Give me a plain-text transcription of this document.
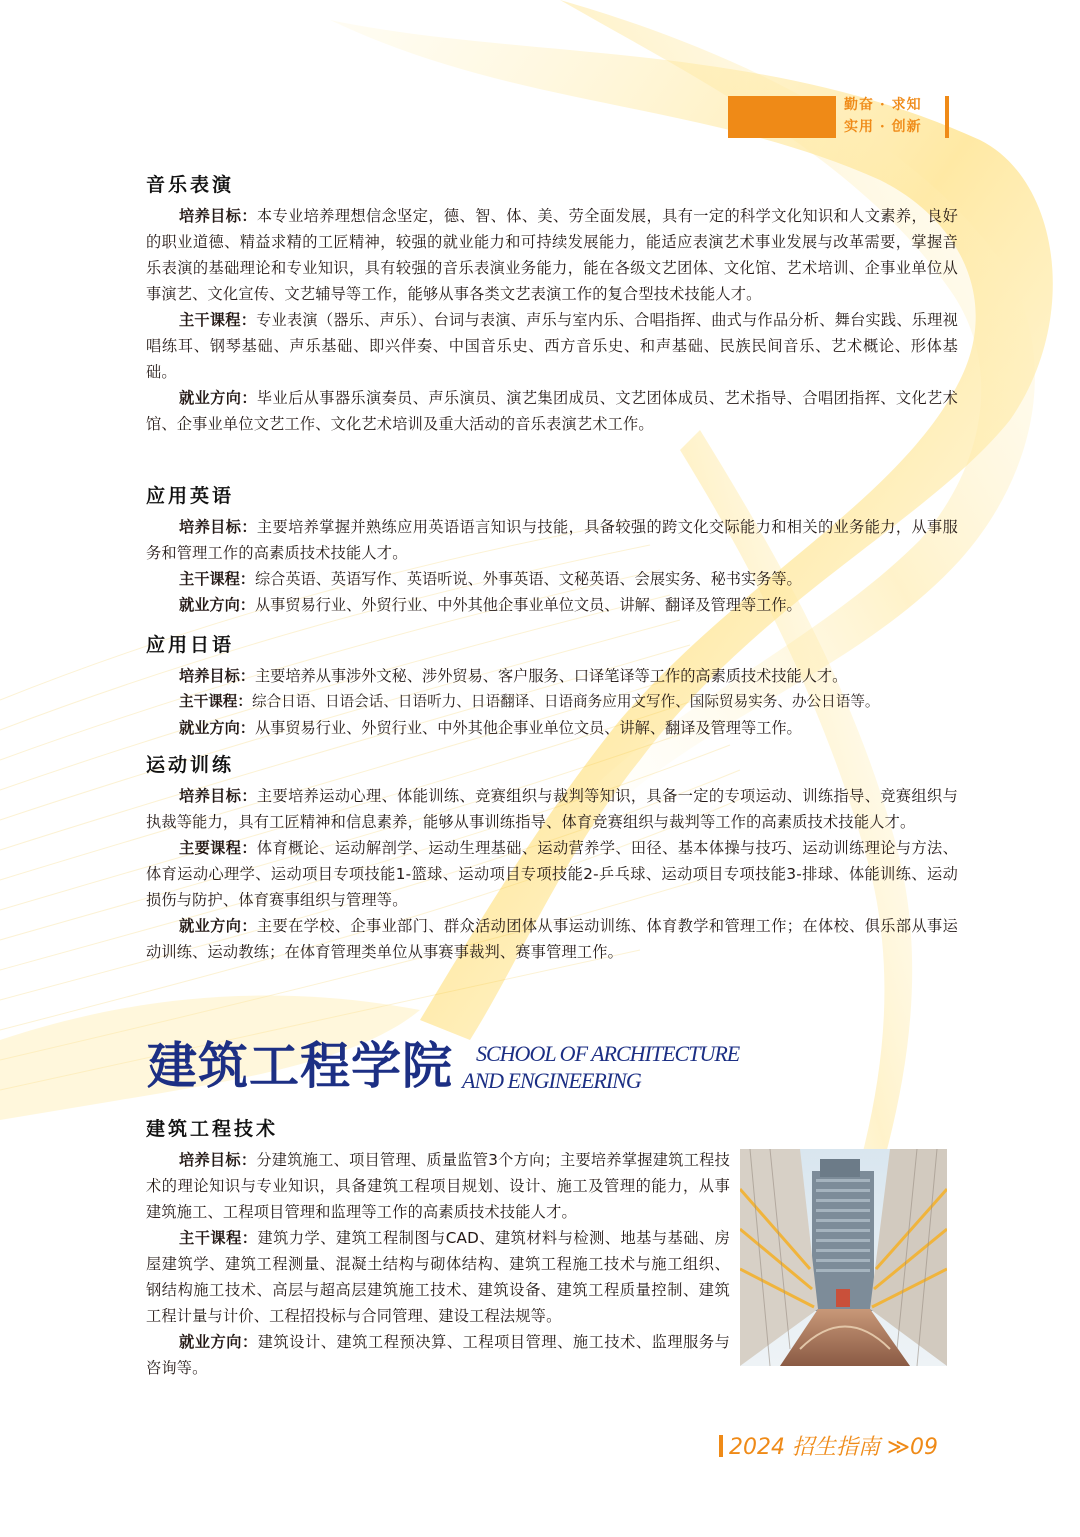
勤奋 · 求知
实用 · 创新
音乐表演

培养目标：本专业培养理想信念坚定，德、智、体、美、劳全面发展，具有一定的科学文化知识和人文素养，良好的职业道德、精益求精的工匠精神，较强的就业能力和可持续发展能力，能适应表演艺术事业发展与改革需要，掌握音乐表演的基础理论和专业知识，具有较强的音乐表演业务能力，能在各级文艺团体、文化馆、艺术培训、企事业单位从事演艺、文化宣传、文艺辅导等工作，能够从事各类文艺表演工作的复合型技术技能人才。

主干课程：专业表演（器乐、声乐）、台词与表演、声乐与室内乐、合唱指挥、曲式与作品分析、舞台实践、乐理视唱练耳、钢琴基础、声乐基础、即兴伴奏、中国音乐史、西方音乐史、和声基础、民族民间音乐、艺术概论、形体基础。

就业方向：毕业后从事器乐演奏员、声乐演员、演艺集团成员、文艺团体成员、艺术指导、合唱团指挥、文化艺术馆、企事业单位文艺工作、文化艺术培训及重大活动的音乐表演艺术工作。

应用英语

培养目标：主要培养掌握并熟练应用英语语言知识与技能，具备较强的跨文化交际能力和相关的业务能力，从事服务和管理工作的高素质技术技能人才。

主干课程：综合英语、英语写作、英语听说、外事英语、文秘英语、会展实务、秘书实务等。

就业方向：从事贸易行业、外贸行业、中外其他企事业单位文员、讲解、翻译及管理等工作。

应用日语

培养目标：主要培养从事涉外文秘、涉外贸易、客户服务、口译笔译等工作的高素质技术技能人才。

主干课程：综合日语、日语会话、日语听力、日语翻译、日语商务应用文写作、国际贸易实务、办公日语等。

就业方向：从事贸易行业、外贸行业、中外其他企事业单位文员、讲解、翻译及管理等工作。

运动训练

培养目标：主要培养运动心理、体能训练、竞赛组织与裁判等知识，具备一定的专项运动、训练指导、竞赛组织与执裁等能力，具有工匠精神和信息素养，能够从事训练指导、体育竞赛组织与裁判等工作的高素质技术技能人才。

主要课程：体育概论、运动解剖学、运动生理基础、运动营养学、田径、基本体操与技巧、运动训练理论与方法、体育运动心理学、运动项目专项技能1-篮球、运动项目专项技能2-乒乓球、运动项目专项技能3-排球、体能训练、运动损伤与防护、体育赛事组织与管理等。

就业方向：主要在学校、企事业部门、群众活动团体从事运动训练、体育教学和管理工作；在体校、俱乐部从事运动训练、运动教练；在体育管理类单位从事赛事裁判、赛事管理工作。

建筑工程学院	SCHOOL OF ARCHITECTURE
AND ENGINEERING
建筑工程技术

培养目标：分建筑施工、项目管理、质量监管3个方向；主要培养掌握建筑工程技术的理论知识与专业知识，具备建筑工程项目规划、设计、施工及管理的能力，从事建筑施工、工程项目管理和监理等工作的高素质技术技能人才。

主干课程：建筑力学、建筑工程制图与CAD、建筑材料与检测、地基与基础、房屋建筑学、建筑工程测量、混凝土结构与砌体结构、建筑工程施工技术与施工组织、钢结构施工技术、高层与超高层建筑施工技术、建筑设备、建筑工程质量控制、建筑工程计量与计价、工程招投标与合同管理、建设工程法规等。

就业方向：建筑设计、建筑工程预决算、工程项目管理、施工技术、监理服务与咨询等。

2024 招生指南 ≫09
